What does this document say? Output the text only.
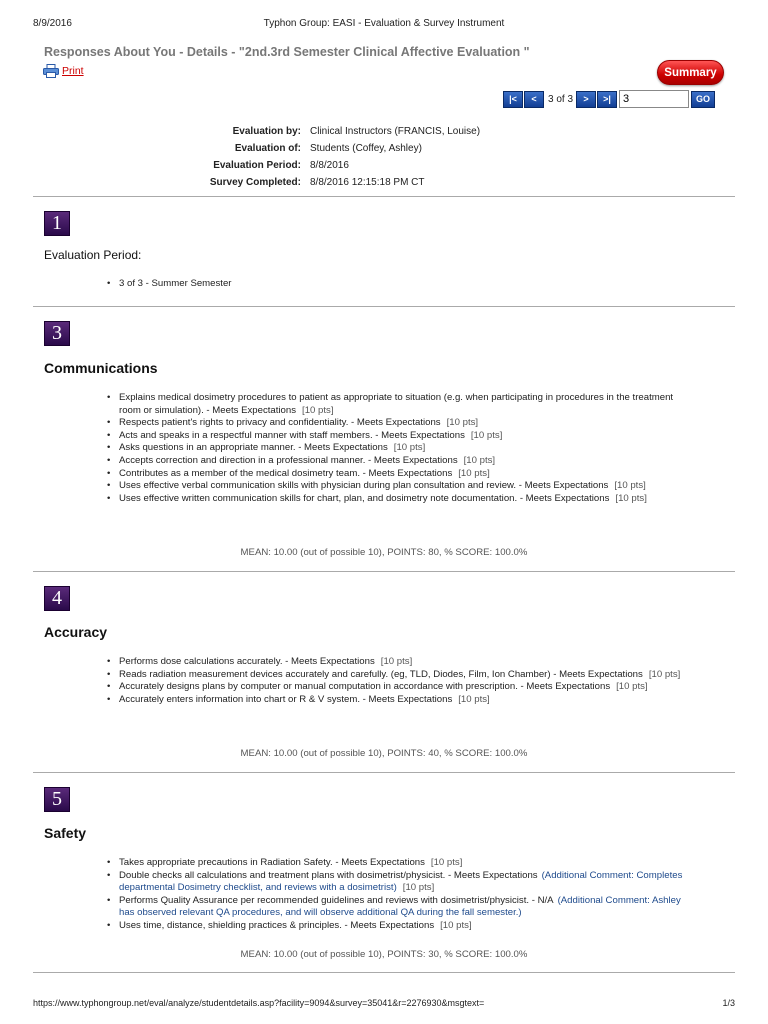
8/9/2016	Typhon Group: EASI - Evaluation & Survey Instrument
Responses About You - Details - "2nd.3rd Semester Clinical Affective Evaluation "
Print	Summary
|<	<	3 of 3	>	>|
3	GO
Evaluation by: Clinical Instructors (FRANCIS, Louise)
Evaluation of: Students (Coffey, Ashley)
Evaluation Period: 8/8/2016
Survey Completed: 8/8/2016 12:15:18 PM CT
1
Evaluation Period:
• 3 of 3 - Summer Semester
3
Communications
• Explains medical dosimetry procedures to patient as appropriate to situation (e.g. when participating in procedures in the treatment room or simulation). - Meets Expectations [10 pts]
• Respects patient's rights to privacy and confidentiality. - Meets Expectations [10 pts]
• Acts and speaks in a respectful manner with staff members. - Meets Expectations [10 pts]
• Asks questions in an appropriate manner. - Meets Expectations [10 pts]
• Accepts correction and direction in a professional manner. - Meets Expectations [10 pts]
• Contributes as a member of the medical dosimetry team. - Meets Expectations [10 pts]
• Uses effective verbal communication skills with physician during plan consultation and review. - Meets Expectations [10 pts]
• Uses effective written communication skills for chart, plan, and dosimetry note documentation. - Meets Expectations [10 pts]
MEAN: 10.00 (out of possible 10), POINTS: 80, % SCORE: 100.0%
4
Accuracy
• Performs dose calculations accurately. - Meets Expectations [10 pts]
• Reads radiation measurement devices accurately and carefully. (eg, TLD, Diodes, Film, Ion Chamber) - Meets Expectations [10 pts]
• Accurately designs plans by computer or manual computation in accordance with prescription. - Meets Expectations [10 pts]
• Accurately enters information into chart or R & V system. - Meets Expectations [10 pts]
MEAN: 10.00 (out of possible 10), POINTS: 40, % SCORE: 100.0%
5
Safety
• Takes appropriate precautions in Radiation Safety. - Meets Expectations [10 pts]
• Double checks all calculations and treatment plans with dosimetrist/physicist. - Meets Expectations (Additional Comment: Completes departmental Dosimetry checklist, and reviews with a dosimetrist) [10 pts]
• Performs Quality Assurance per recommended guidelines and reviews with dosimetrist/physicist. - N/A (Additional Comment: Ashley has observed relevant QA procedures, and will observe additional QA during the fall semester.)
• Uses time, distance, shielding practices & principles. - Meets Expectations [10 pts]
MEAN: 10.00 (out of possible 10), POINTS: 30, % SCORE: 100.0%
https://www.typhongroup.net/eval/analyze/studentdetails.asp?facility=9094&survey=35041&r=2276930&msgtext=	1/3
